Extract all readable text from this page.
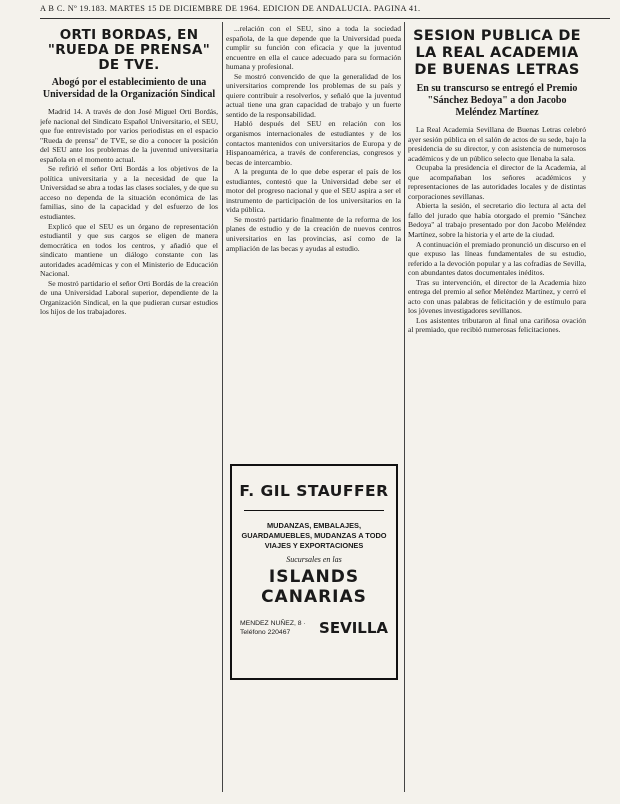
A B C. Nº 19.183. MARTES 15 DE DICIEMBRE DE 1964. EDICION DE ANDALUCIA. PAGINA 41.
ORTI BORDAS, EN "RUEDA DE PRENSA" DE TVE.
Abogó por el establecimiento de una Universidad de la Organización Sindical

Madrid 14. A través de don José Miguel Orti Bordás, jefe nacional del Sindicato Español Universitario, el SEU, que fue entrevistado por varios periodistas en el espacio "Rueda de prensa" de TVE, se dio a conocer la posición del SEU ante los problemas de la juventud universitaria española en el momento actual.

Se refirió el señor Orti Bordás a los objetivos de la política universitaria y a la necesidad de que la Universidad se abra a todas las clases sociales, y de que su acceso no dependa de la situación económica de las familias, sino de la capacidad y del esfuerzo de los estudiantes.

Explicó que el SEU es un órgano de representación estudiantil y que sus cargos se eligen de manera democrática en todos los centros, y añadió que el sindicato mantiene un diálogo constante con las autoridades académicas y con el Ministerio de Educación Nacional.

Se mostró partidario el señor Orti Bordás de la creación de una Universidad Laboral superior, dependiente de la Organización Sindical, en la que pudieran cursar estudios los hijos de los trabajadores.

...relación con el SEU, sino a toda la sociedad española, de la que depende que la Universidad pueda cumplir su función con eficacia y que la juventud encuentre en ella el cauce adecuado para su formación humana y profesional.

Se mostró convencido de que la generalidad de los universitarios comprende los problemas de su país y quiere contribuir a resolverlos, y señaló que la juventud actual tiene una gran capacidad de trabajo y un fuerte sentido de la responsabilidad.

Habló después del SEU en relación con los organismos internacionales de estudiantes y de los contactos mantenidos con universitarios de Europa y de Hispanoamérica, a través de conferencias, congresos y becas de intercambio.

A la pregunta de lo que debe esperar el país de los estudiantes, contestó que la Universidad debe ser el motor del progreso nacional y que el SEU aspira a ser el instrumento de participación de los universitarios en la vida pública.

Se mostró partidario finalmente de la reforma de los planes de estudio y de la creación de nuevos centros universitarios en las provincias, así como de la ampliación de las becas y ayudas al estudio.

F. GIL STAUFFER
MUDANZAS, EMBALAJES, GUARDAMUEBLES, MUDANZAS A TODO VIAJES Y EXPORTACIONES
Sucursales en las
ISLANDS CANARIAS
MENDEZ NUÑEZ, 8 · Teléfono 220467	SEVILLA
SESION PUBLICA DE LA REAL ACADEMIA DE BUENAS LETRAS
En su transcurso se entregó el Premio "Sánchez Bedoya" a don Jacobo Meléndez Martínez

La Real Academia Sevillana de Buenas Letras celebró ayer sesión pública en el salón de actos de su sede, bajo la presidencia de su director, y con asistencia de numerosos académicos y de un público selecto que llenaba la sala.

Ocupaba la presidencia el director de la Academia, al que acompañaban los señores académicos y representaciones de las autoridades locales y de distintas corporaciones sevillanas.

Abierta la sesión, el secretario dio lectura al acta del fallo del jurado que había otorgado el premio "Sánchez Bedoya" al trabajo presentado por don Jacobo Meléndez Martínez, sobre la historia y el arte de la ciudad.

A continuación el premiado pronunció un discurso en el que expuso las líneas fundamentales de su estudio, referido a la devoción popular y a las cofradías de Sevilla, con abundantes datos documentales inéditos.

Tras su intervención, el director de la Academia hizo entrega del premio al señor Meléndez Martínez, y cerró el acto con unas palabras de felicitación y de estímulo para los jóvenes investigadores sevillanos.

Los asistentes tributaron al final una cariñosa ovación al premiado, que recibió numerosas felicitaciones.
